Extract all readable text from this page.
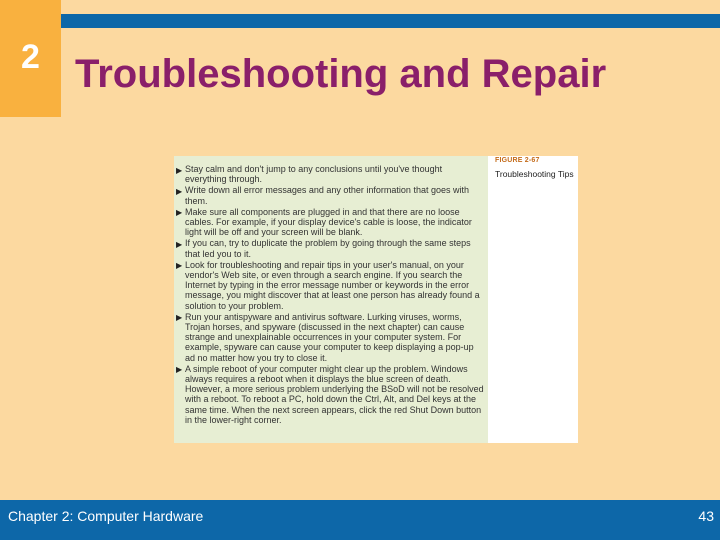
2 Troubleshooting and Repair
▶ Stay calm and don't jump to any conclusions until you've thought everything through.
▶ Write down all error messages and any other information that goes with them.
▶ Make sure all components are plugged in and that there are no loose cables. For example, if your display device's cable is loose, the indicator light will be off and your screen will be blank.
▶ If you can, try to duplicate the problem by going through the same steps that led you to it.
▶ Look for troubleshooting and repair tips in your user's manual, on your vendor's Web site, or even through a search engine. If you search the Internet by typing in the error message number or keywords in the error message, you might discover that at least one person has already found a solution to your problem.
▶ Run your antispyware and antivirus software. Lurking viruses, worms, Trojan horses, and spyware (discussed in the next chapter) can cause strange and unexplainable occurrences in your computer system. For example, spyware can cause your computer to keep displaying a pop-up ad no matter how you try to close it.
▶ A simple reboot of your computer might clear up the problem. Windows always requires a reboot when it displays the blue screen of death. However, a more serious problem underlying the BSoD will not be resolved with a reboot. To reboot a PC, hold down the Ctrl, Alt, and Del keys at the same time. When the next screen appears, click the red Shut Down button in the lower-right corner.
FIGURE 2-67
Troubleshooting Tips
Chapter 2: Computer Hardware	43
